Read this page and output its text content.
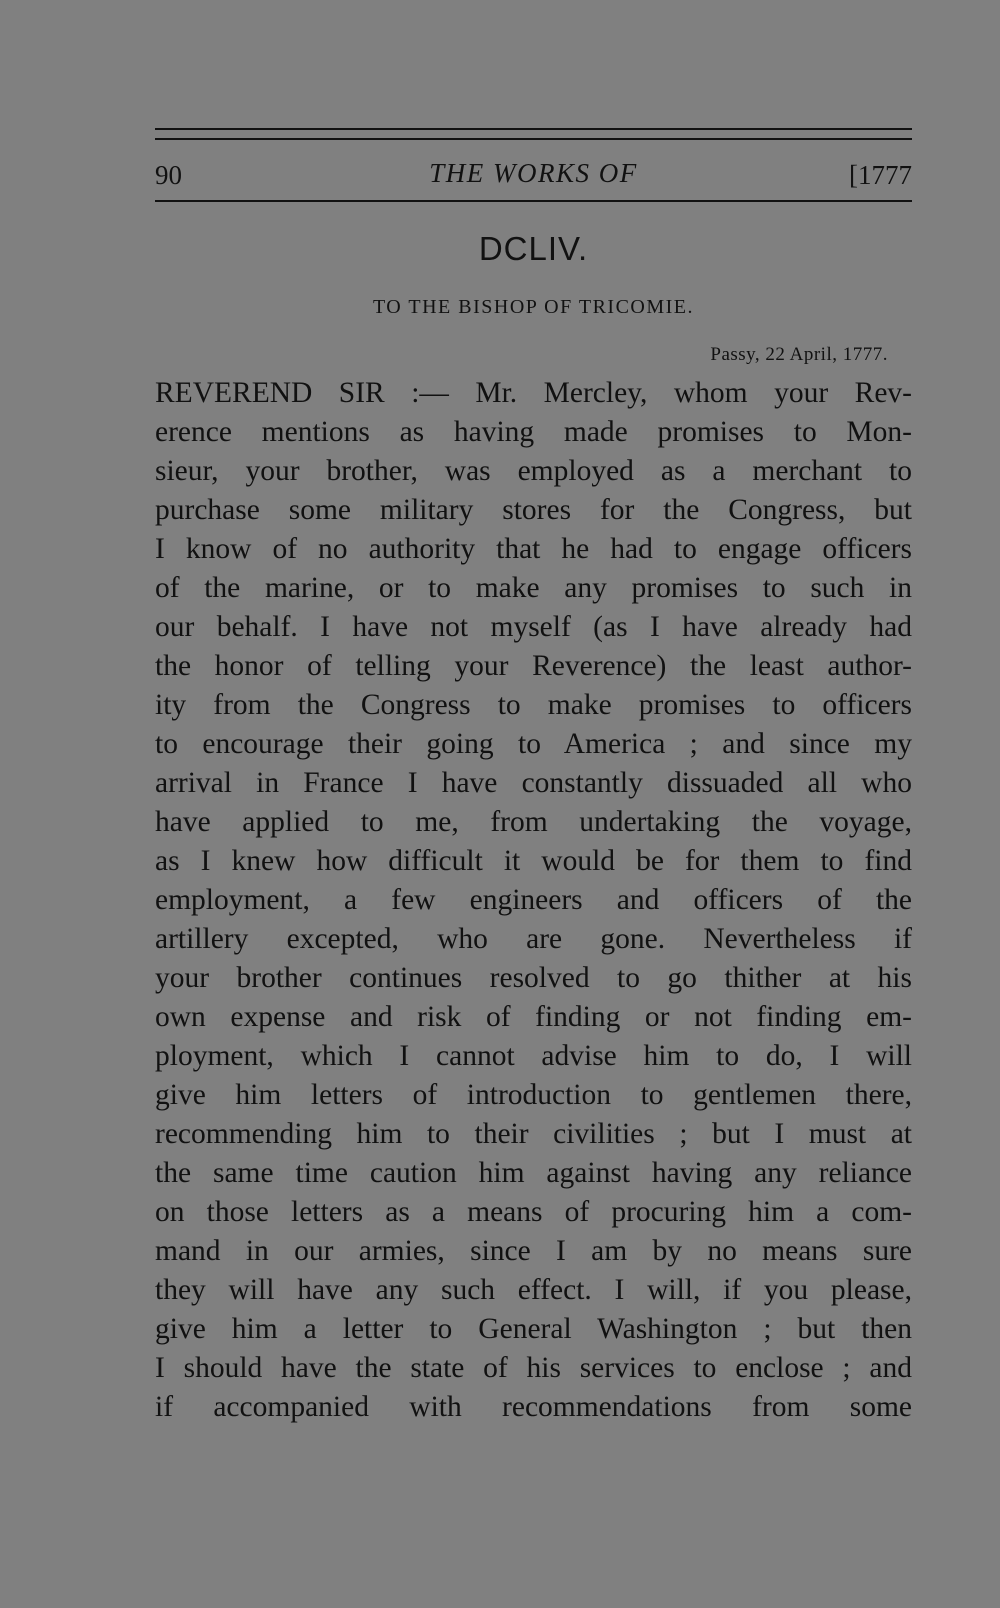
90	THE WORKS OF	[1777
DCLIV.
TO THE BISHOP OF TRICOMIE.
Passy, 22 April, 1777.
REVEREND SIR :— Mr. Mercley, whom your Rev-
erence mentions as having made promises to Mon-
sieur, your brother, was employed as a merchant to
purchase some military stores for the Congress, but
I know of no authority that he had to engage officers
of the marine, or to make any promises to such in
our behalf. I have not myself (as I have already had
the honor of telling your Reverence) the least author-
ity from the Congress to make promises to officers
to encourage their going to America ; and since my
arrival in France I have constantly dissuaded all who
have applied to me, from undertaking the voyage,
as I knew how difficult it would be for them to find
employment, a few engineers and officers of the
artillery excepted, who are gone. Nevertheless if
your brother continues resolved to go thither at his
own expense and risk of finding or not finding em-
ployment, which I cannot advise him to do, I will
give him letters of introduction to gentlemen there,
recommending him to their civilities ; but I must at
the same time caution him against having any reliance
on those letters as a means of procuring him a com-
mand in our armies, since I am by no means sure
they will have any such effect. I will, if you please,
give him a letter to General Washington ; but then
I should have the state of his services to enclose ; and
if accompanied with recommendations from some
